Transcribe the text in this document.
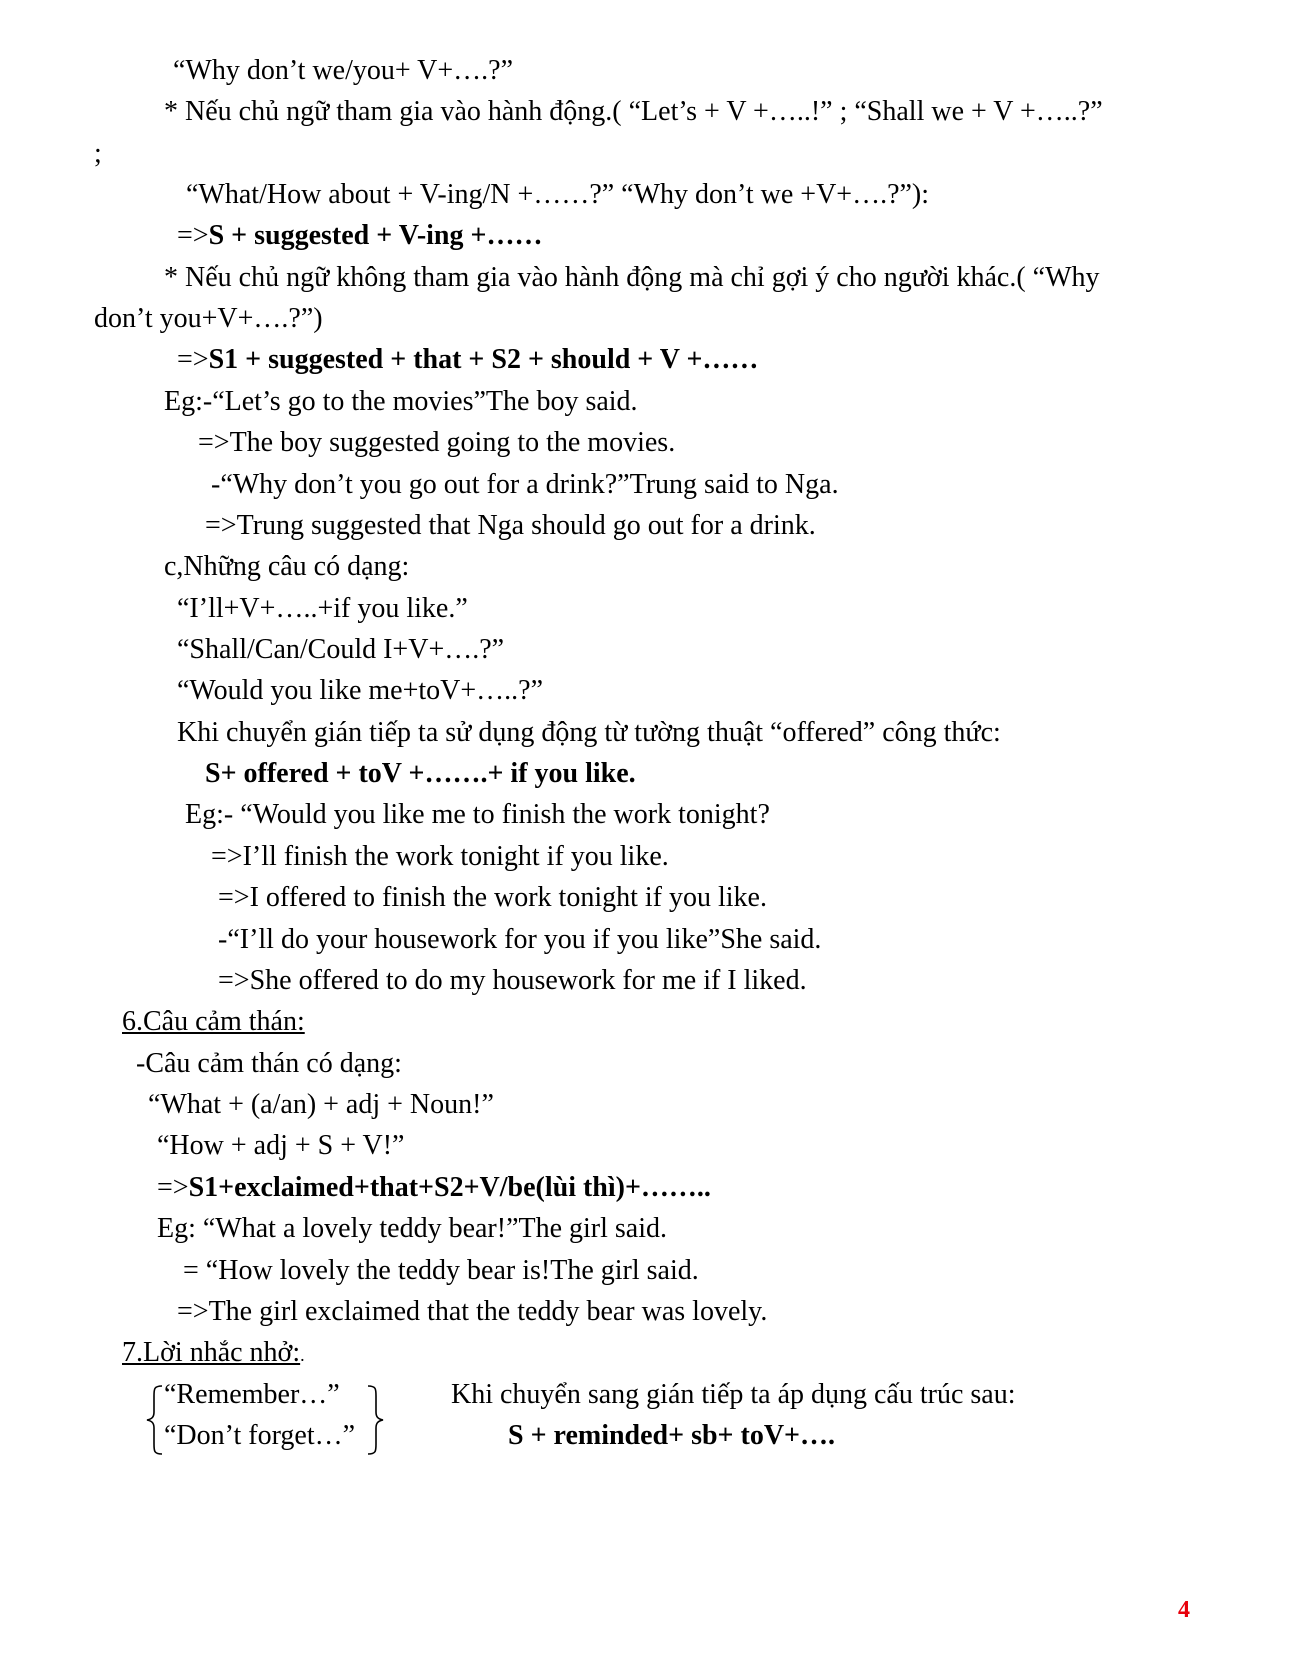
“Why don’t we/you+ V+….?”
* Nếu chủ ngữ tham gia vào hành động.( “Let’s + V +…..!” ; “Shall we + V +…..?”
;
“What/How about + V-ing/N +……?” “Why don’t we +V+….?”):
=>S + suggested + V-ing +……
* Nếu chủ ngữ không tham gia vào hành động mà chỉ gợi ý cho người khác.( “Why
don’t you+V+….?”)
=>S1 + suggested + that + S2 + should + V +……
Eg:-“Let’s go to the movies”The boy said.
=>The boy suggested going to the movies.
-“Why don’t you go out for a drink?”Trung said to Nga.
=>Trung suggested that Nga should go out for a drink.
c,Những câu có dạng:
“I’ll+V+…..+if you like.”
“Shall/Can/Could I+V+….?”
“Would you like me+toV+…..?”
Khi chuyển gián tiếp ta sử dụng động từ tường thuật “offered” công thức:
S+ offered + toV +…….+ if you like.
Eg:- “Would you like me to finish the work tonight?
=>I’ll finish the work tonight if you like.
=>I offered to finish the work tonight if you like.
-“I’ll do your housework for you if you like”She said.
=>She offered to do my housework for me if I liked.
6.Câu cảm thán:
-Câu cảm thán có dạng:
“What + (a/an) + adj + Noun!”
“How + adj + S + V!”
=>S1+exclaimed+that+S2+V/be(lùi thì)+……..
Eg: “What a lovely teddy bear!”The girl said.
= “How lovely the teddy bear is!The girl said.
=>The girl exclaimed that the teddy bear was lovely.
7.Lời nhắc nhở:.
“Remember…”
“Don’t forget…”
Khi chuyển sang gián tiếp ta áp dụng cấu trúc sau:
S + reminded+ sb+ toV+….
4
